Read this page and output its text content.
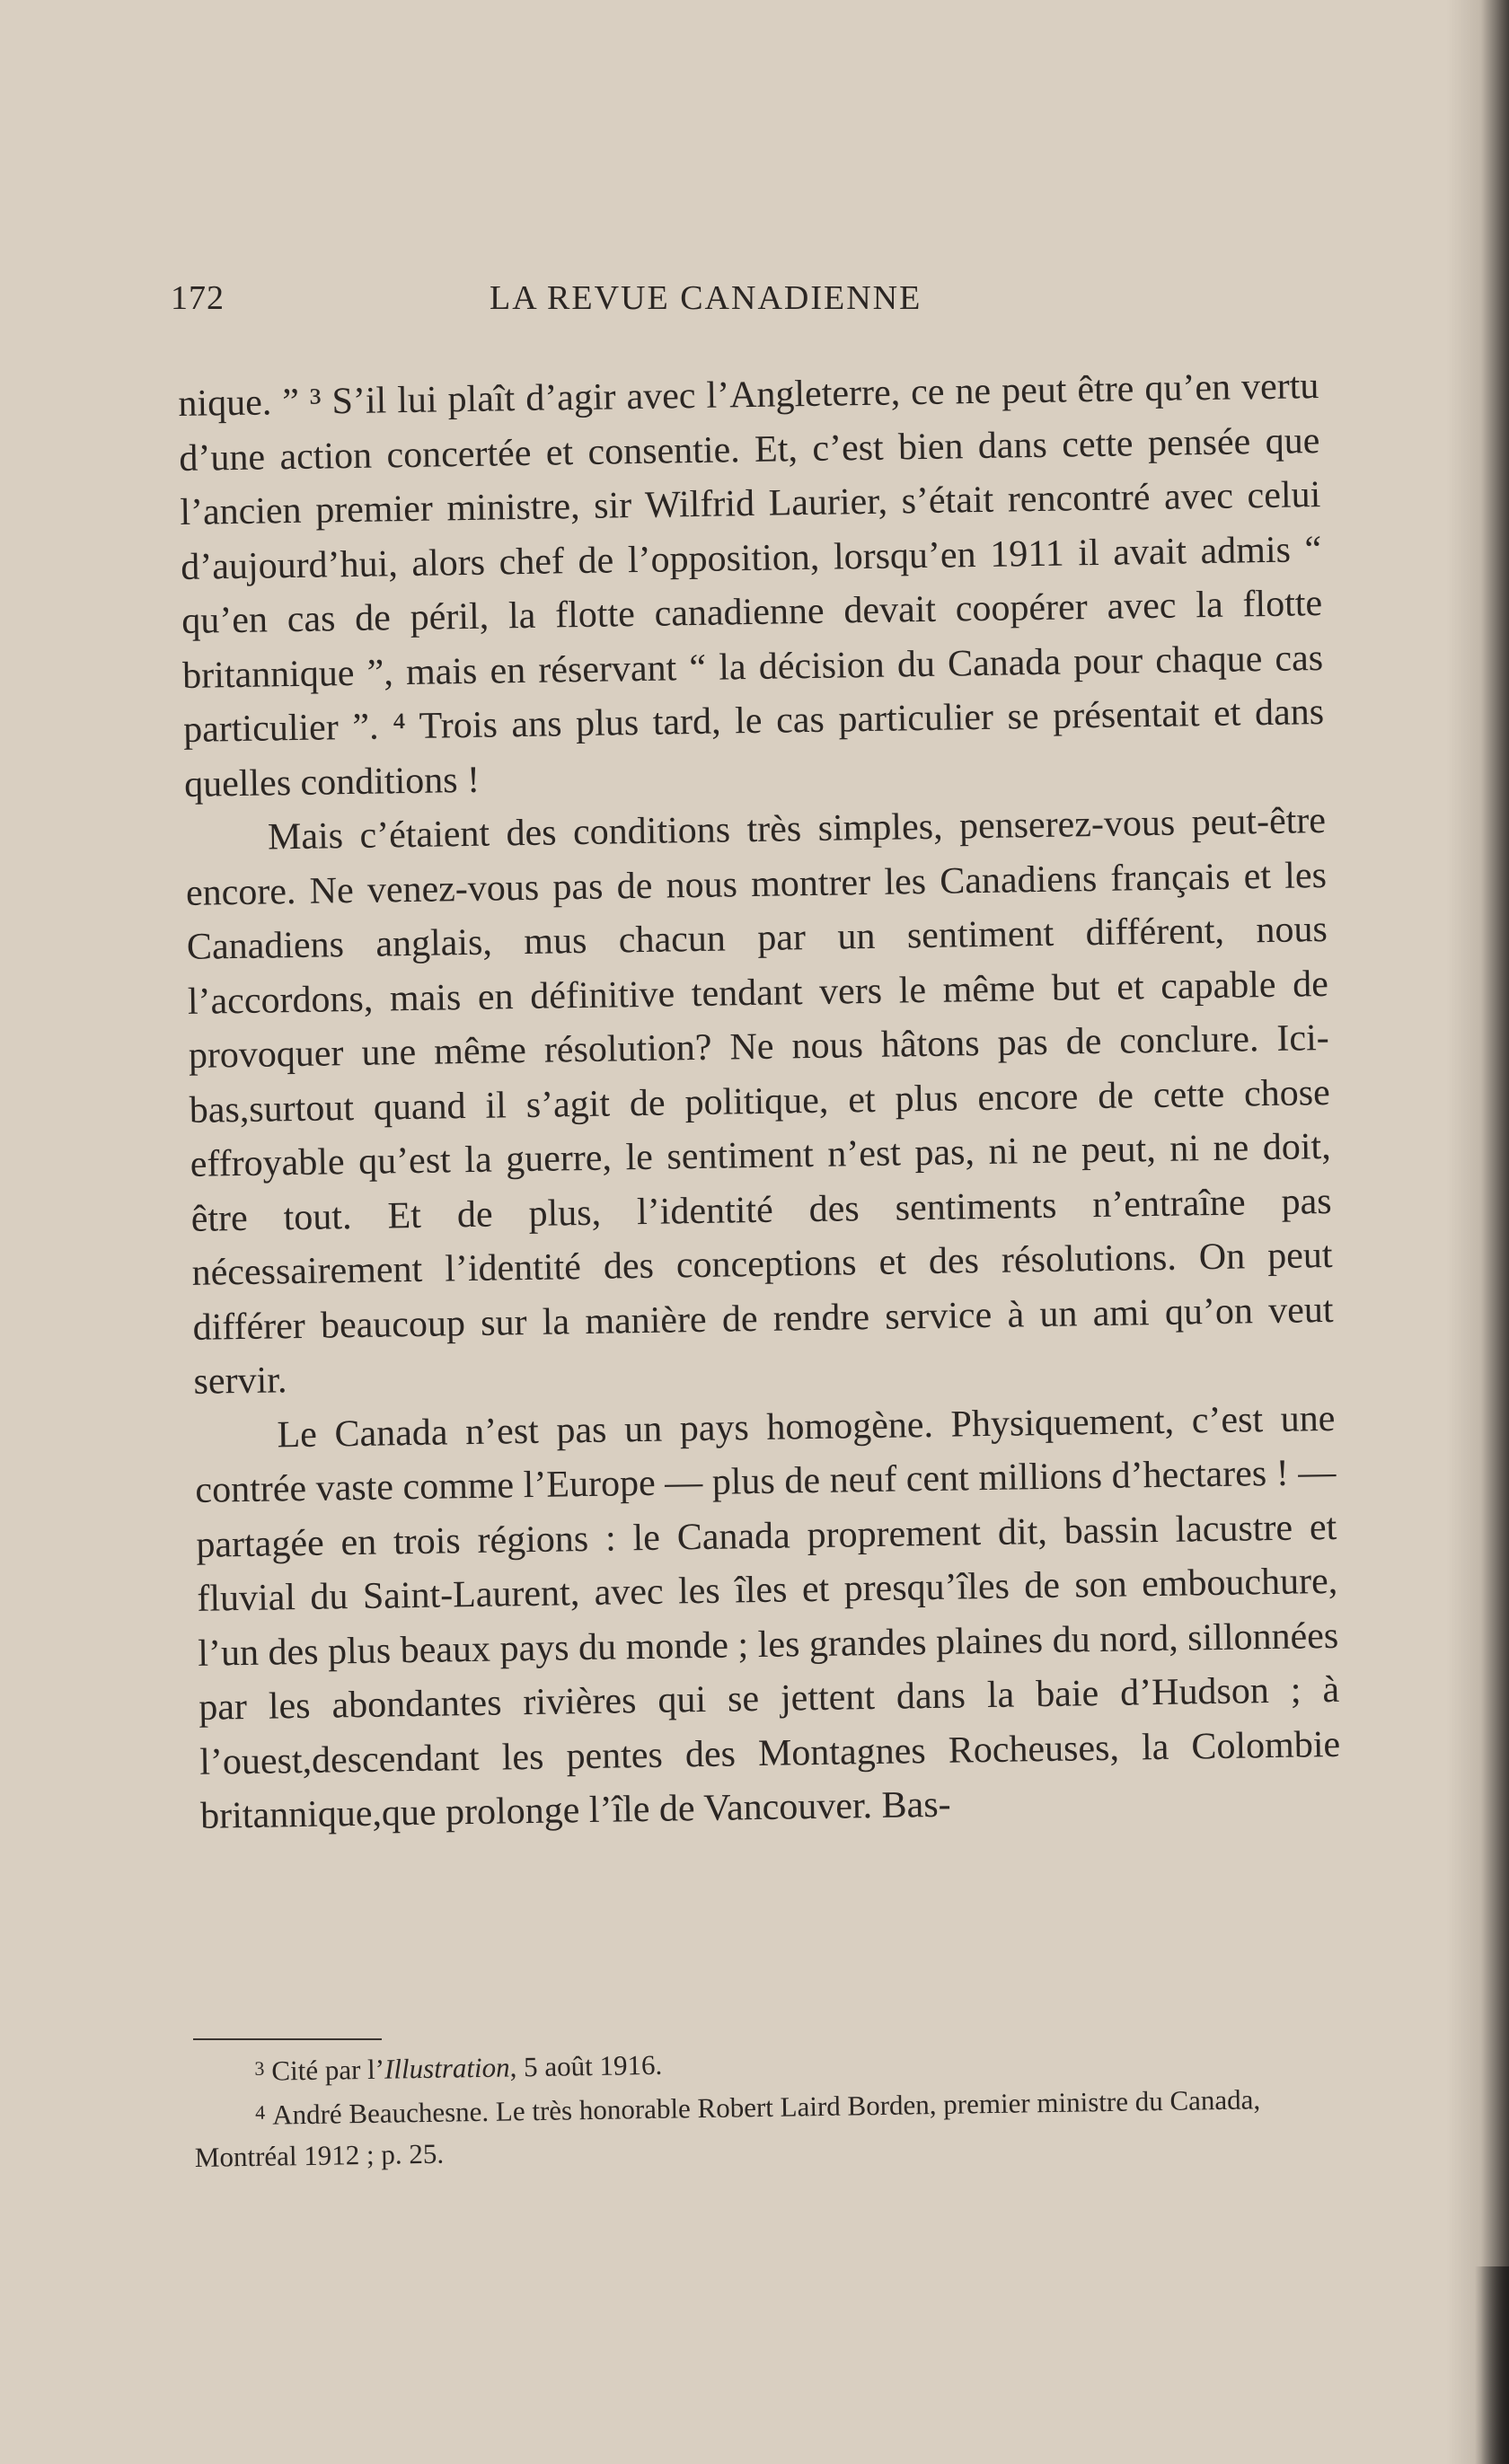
172	LA REVUE CANADIENNE

nique. ” ³ S’il lui plaît d’agir avec l’Angleterre, ce ne peut être qu’en vertu d’une action concertée et consentie. Et, c’est bien dans cette pensée que l’ancien premier ministre, sir Wilfrid Laurier, s’était rencontré avec celui d’aujourd’hui, alors chef de l’opposition, lorsqu’en 1911 il avait admis “ qu’en cas de péril, la flotte canadienne devait coopérer avec la flotte britannique ”, mais en réservant “ la décision du Canada pour chaque cas particulier ”. ⁴ Trois ans plus tard, le cas particulier se présentait et dans quelles conditions !

Mais c’étaient des conditions très simples, penserez-vous peut-être encore. Ne venez-vous pas de nous montrer les Canadiens français et les Canadiens anglais, mus chacun par un sentiment différent, nous l’accordons, mais en définitive tendant vers le même but et capable de provoquer une même résolution? Ne nous hâtons pas de conclure. Ici-bas,surtout quand il s’agit de politique, et plus encore de cette chose effroyable qu’est la guerre, le sentiment n’est pas, ni ne peut, ni ne doit, être tout. Et de plus, l’identité des sentiments n’entraîne pas nécessairement l’identité des conceptions et des résolutions. On peut différer beaucoup sur la manière de rendre service à un ami qu’on veut servir.

Le Canada n’est pas un pays homogène. Physiquement, c’est une contrée vaste comme l’Europe — plus de neuf cent millions d’hectares ! — partagée en trois régions : le Canada proprement dit, bassin lacustre et fluvial du Saint-Laurent, avec les îles et presqu’îles de son embouchure, l’un des plus beaux pays du monde ; les grandes plaines du nord, sillonnées par les abondantes rivières qui se jettent dans la baie d’Hudson ; à l’ouest,descendant les pentes des Montagnes Rocheuses, la Colombie britannique,que prolonge l’île de Vancouver. Bas-

3 Cité par l’Illustration, 5 août 1916.

4 André Beauchesne. Le très honorable Robert Laird Borden, premier ministre du Canada, Montréal 1912 ; p. 25.
